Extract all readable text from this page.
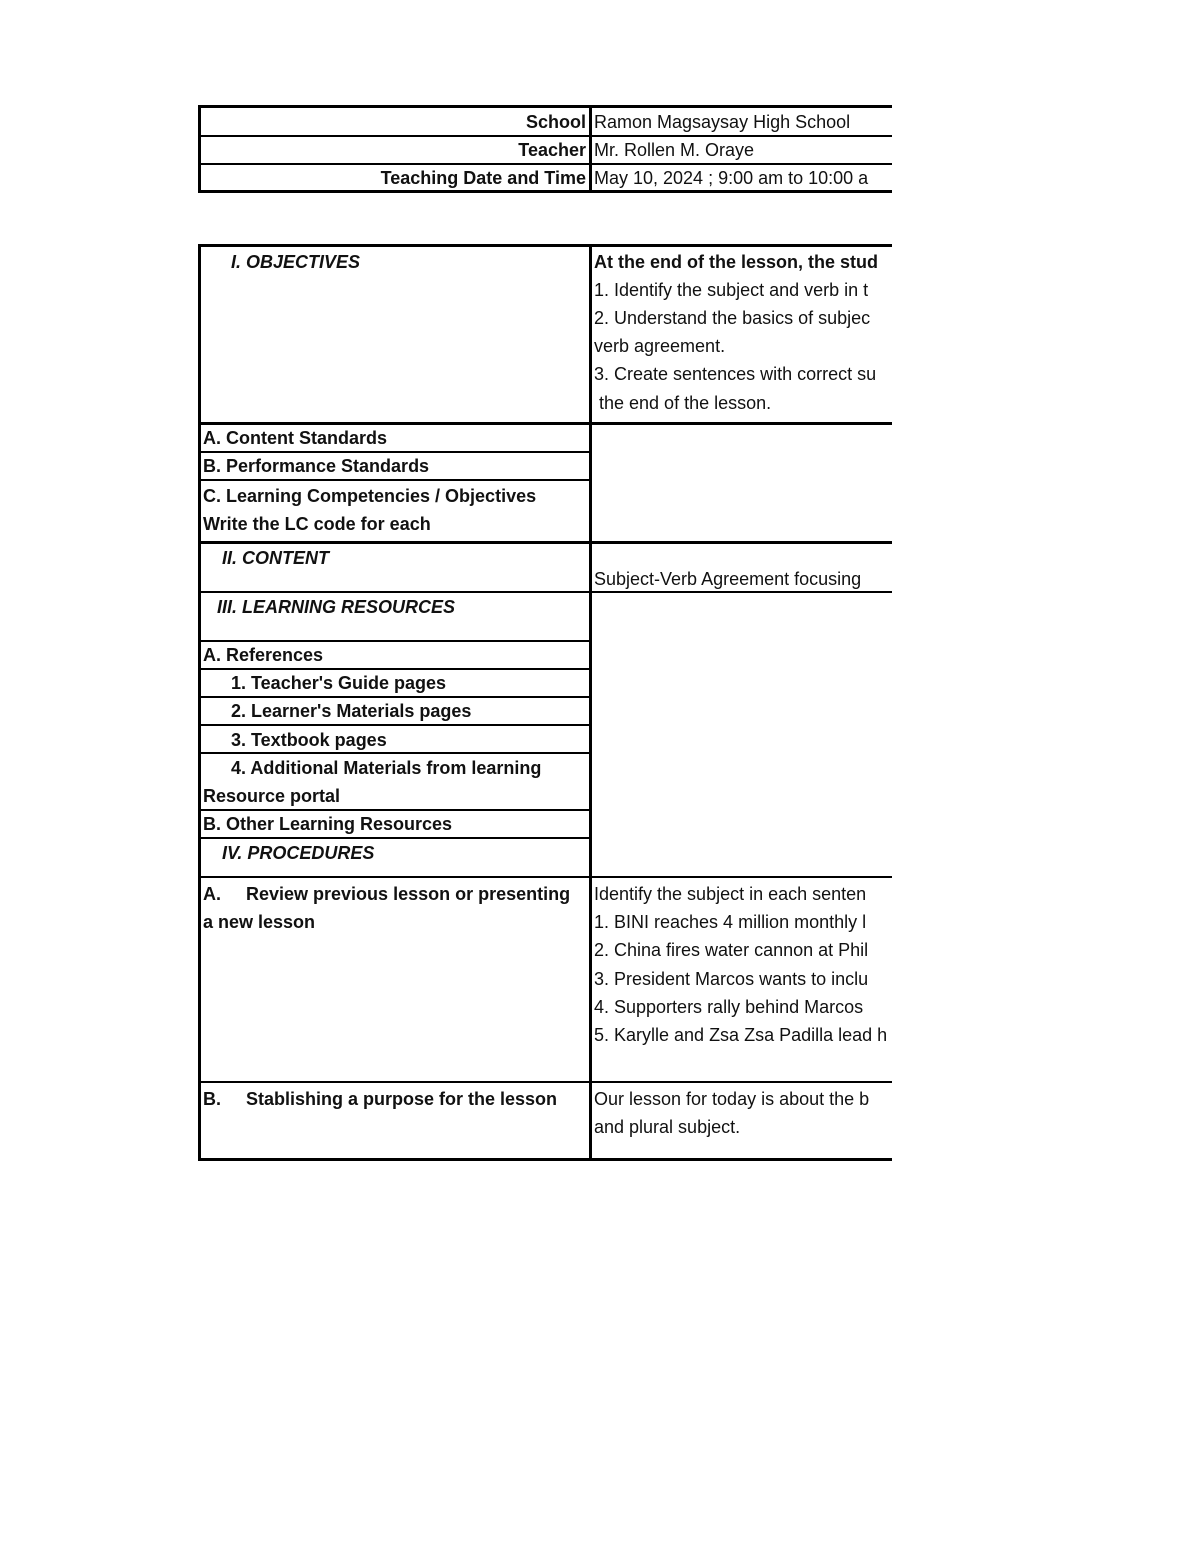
School Ramon Magsaysay High School
Teacher Mr. Rollen M. Oraye
Teaching Date and Time May 10, 2024 ; 9:00 am to 10:00 a
I. OBJECTIVES
A. Content Standards
B. Performance Standards
C. Learning Competencies / Objectives
Write the LC code for each
II. CONTENT
III. LEARNING RESOURCES
A. References
1. Teacher's Guide pages
2. Learner's Materials pages
3. Textbook pages
4. Additional Materials from learning
Resource portal
B. Other Learning Resources
IV. PROCEDURES
A.     Review previous lesson or presenting
a new lesson
B.     Stablishing a purpose for the lesson
At the end of the lesson, the stud
1. Identify the subject and verb in t
2. Understand the basics of subjec
verb agreement.
3. Create sentences with correct su
the end of the lesson.
Subject-Verb Agreement focusing
Identify the subject in each senten
1. BINI reaches 4 million monthly l
2. China fires water cannon at Phil
3. President Marcos wants to inclu
4. Supporters rally behind Marcos
5. Karylle and Zsa Zsa Padilla lead h
Our lesson for today is about the b
and plural subject.
